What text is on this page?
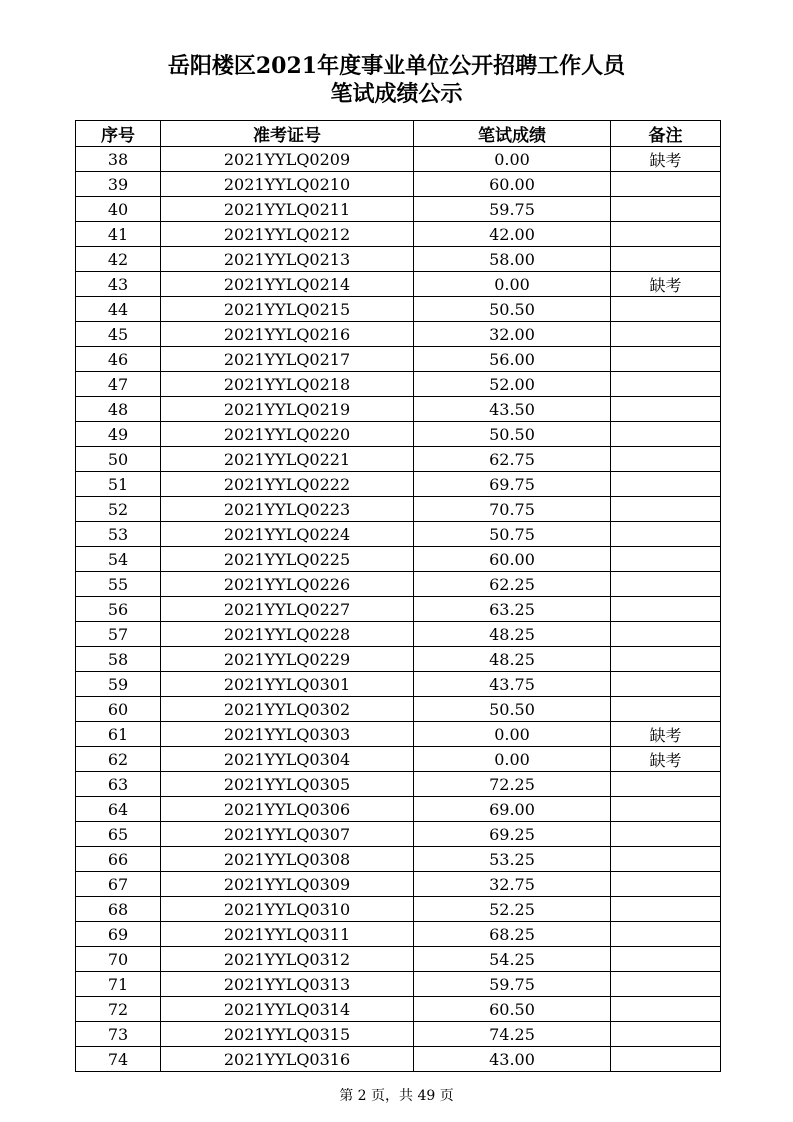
岳阳楼区2021年度事业单位公开招聘工作人员
笔试成绩公示
序号	准考证号	笔试成绩	备注
38	2021YYLQ0209	0.00	缺考
39	2021YYLQ0210	60.00	
40	2021YYLQ0211	59.75	
41	2021YYLQ0212	42.00	
42	2021YYLQ0213	58.00	
43	2021YYLQ0214	0.00	缺考
44	2021YYLQ0215	50.50	
45	2021YYLQ0216	32.00	
46	2021YYLQ0217	56.00	
47	2021YYLQ0218	52.00	
48	2021YYLQ0219	43.50	
49	2021YYLQ0220	50.50	
50	2021YYLQ0221	62.75	
51	2021YYLQ0222	69.75	
52	2021YYLQ0223	70.75	
53	2021YYLQ0224	50.75	
54	2021YYLQ0225	60.00	
55	2021YYLQ0226	62.25	
56	2021YYLQ0227	63.25	
57	2021YYLQ0228	48.25	
58	2021YYLQ0229	48.25	
59	2021YYLQ0301	43.75	
60	2021YYLQ0302	50.50	
61	2021YYLQ0303	0.00	缺考
62	2021YYLQ0304	0.00	缺考
63	2021YYLQ0305	72.25	
64	2021YYLQ0306	69.00	
65	2021YYLQ0307	69.25	
66	2021YYLQ0308	53.25	
67	2021YYLQ0309	32.75	
68	2021YYLQ0310	52.25	
69	2021YYLQ0311	68.25	
70	2021YYLQ0312	54.25	
71	2021YYLQ0313	59.75	
72	2021YYLQ0314	60.50	
73	2021YYLQ0315	74.25	
74	2021YYLQ0316	43.00	
第 2 页，共 49 页
